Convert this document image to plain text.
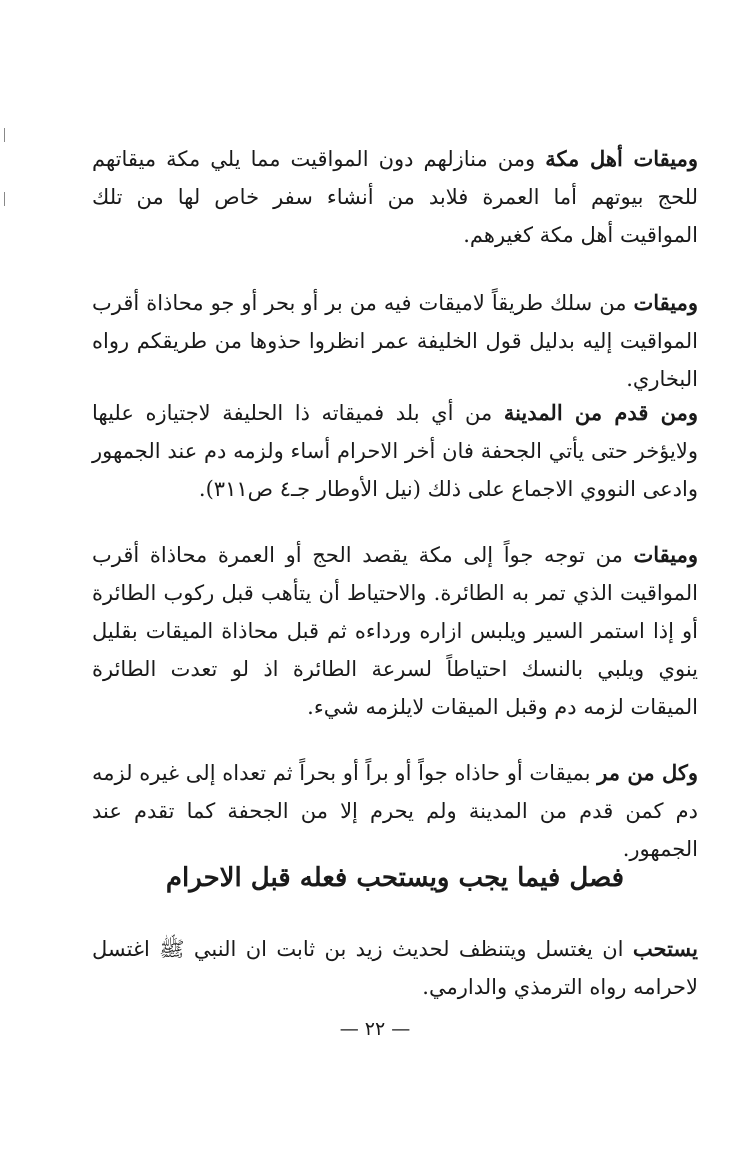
وميقات أهل مكة ومن منازلهم دون المواقيت مما يلي مكة ميقاتهم للحج بيوتهم أما العمرة فلابد من أنشاء سفر خاص لها من تلك المواقيت أهل مكة كغيرهم.

وميقات من سلك طريقاً لاميقات فيه من بر أو بحر أو جو محاذاة أقرب المواقيت إليه بدليل قول الخليفة عمر انظروا حذوها من طريقكم رواه البخاري.

ومن قدم من المدينة من أي بلد فميقاته ذا الحليفة لاجتيازه عليها ولايؤخر حتى يأتي الجحفة فان أخر الاحرام أساء ولزمه دم عند الجمهور وادعى النووي الاجماع على ذلك (نيل الأوطار جـ٤ ص٣١١).

وميقات من توجه جواً إلى مكة يقصد الحج أو العمرة محاذاة أقرب المواقيت الذي تمر به الطائرة. والاحتياط أن يتأهب قبل ركوب الطائرة أو إذا استمر السير ويلبس ازاره ورداءه ثم قبل محاذاة الميقات بقليل ينوي ويلبي بالنسك احتياطاً لسرعة الطائرة اذ لو تعدت الطائرة الميقات لزمه دم وقبل الميقات لايلزمه شيء.

وكل من مر بميقات أو حاذاه جواً أو براً أو بحراً ثم تعداه إلى غيره لزمه دم كمن قدم من المدينة ولم يحرم إلا من الجحفة كما تقدم عند الجمهور.

فصل فيما يجب ويستحب فعله قبل الاحرام

يستحب ان يغتسل ويتنظف لحديث زيد بن ثابت ان النبي ﷺ اغتسل لاحرامه رواه الترمذي والدارمي.

— ٢٢ —
